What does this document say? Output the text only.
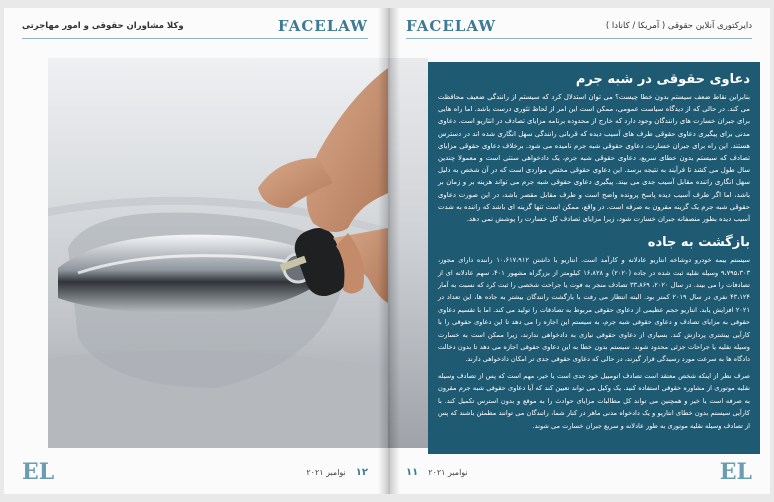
وکلا مشاوران حقوقی و امور مهاجرتی	FACELAW
EL	نوامبر ۲۰۲۱ ۱۲
FACELAW	دایرکتوری آنلاین حقوقی ( آمریکا / کانادا )
دعاوی حقوقی در شبه جرم

بنابراین نقاط ضعف سیستم بدون خطا چیست؟ می توان استدلال کرد که سیستم از رانندگی ضعیف محافظت می کند. در حالی که از دیدگاه سیاست عمومی، ممکن است این امر از لحاظ تئوری درست باشد. اما راه هایی برای جبران خسارت های رانندگان وجود دارد که خارج از محدوده برنامه مزایای تصادف در انتاریو است. دعاوی مدنی برای پیگیری دعاوی حقوقی طرف های آسیب دیده که قربانی رانندگی سهل انگاری شده اند در دسترس هستند. این راه برای جبران خسارت، دعاوی حقوقی شبه جرم نامیده می شود. برخلاف دعاوی حقوقی مزایای تصادف که سیستم بدون خطای سریع، دعاوی حقوقی شبه جرم، یک دادخواهی سنتی است و معمولا چندین سال طول می کشد تا فرآیند به نتیجه برسد. این دعاوی حقوقی مختص مواردی است که در آن شخص به دلیل سهل انگاری راننده مقابل آسیب جدی می بیند. پیگیری دعاوی حقوقی شبه جرم می تواند هزینه بر و زمان بر باشد، اما اگر طرف آسیب دیده پاسخ پرونده واضح است و طرف مقابل مقصر باشد، در این صورت دعاوی حقوقی شبه جرم یک گزینه مقرون به صرفه است. در واقع، ممکن است تنها گزینه ای باشد که راننده به شدت آسیب دیده بطور منصفانه جبران خسارت شود، زیرا مزایای تصادف کل خسارت را پوشش نمی دهد.

بازگشت به جاده

سیستم بیمه خودرو دوشاخه انتاریو عادلانه و کارآمد است. انتاریو با داشتن ۱۰،۶۱۷،۹۱۲ راننده دارای مجوز، ۹،۷۹۵،۳۰۳ وسیله نقلیه ثبت شده در جاده (۲۰۲۰) و ۱۶،۸۲۸ کیلومتر از بزرگراه مشهور ۴۰۱، سهم عادلانه ای از تصادفات را می بیند. در سال ۲۰۲۰، ۳۳،۸۶۹ تصادف منجر به فوت یا جراحت شخصی را ثبت کرد که نسبت به آمار ۴۳،۱۲۴ نفری در سال ۲۰۱۹ کمتر بود. البته انتظار می رفت با بازگشت رانندگان بیشتر به جاده ها، این تعداد در ۲۰۲۱ افزایش یابد. انتاریو حجم عظیمی از دعاوی حقوقی مربوط به تصادفات را تولید می کند. اما با تقسیم دعاوی حقوقی به مزایای تصادف و دعاوی حقوقی شبه جرم، به سیستم این اجازه را می دهد تا این دعاوی حقوقی را با کارآیی بیشتری پردازش کند. بسیاری از دعاوی حقوقی نیازی به دادخواهی ندارند، زیرا ممکن است به خسارت وسیله نقلیه یا جراحات جزئی محدود شوند. سیستم بدون خطا به این دعاوی حقوقی اجازه می دهد تا بدون دخالت دادگاه ها به سرعت مورد رسیدگی قرار گیرند، در حالی که دعاوی حقوقی جدی تر امکان دادخواهی دارند.

صرف نظر از اینکه شخص معتقد است تصادف اتومبیل خود جدی است یا خیر، مهم است که پس از تصادف وسیله نقلیه موتوری از مشاوره حقوقی استفاده کنید. یک وکیل می تواند تعیین کند که آیا دعاوی حقوقی شبه جرم مقرون به صرفه است یا خیر و همچنین می تواند کل مطالبات مزایای حوادث را به موقع و بدون استرس تکمیل کند. با کارآیی سیستم بدون خطای انتاریو و یک دادخواه مدنی ماهر در کنار شما، رانندگان می توانند مطمئن باشند که پس از تصادف وسیله نقلیه موتوری به طور عادلانه و سریع جبران خسارت می شوند.

۱۱ نوامبر ۲۰۲۱	EL
